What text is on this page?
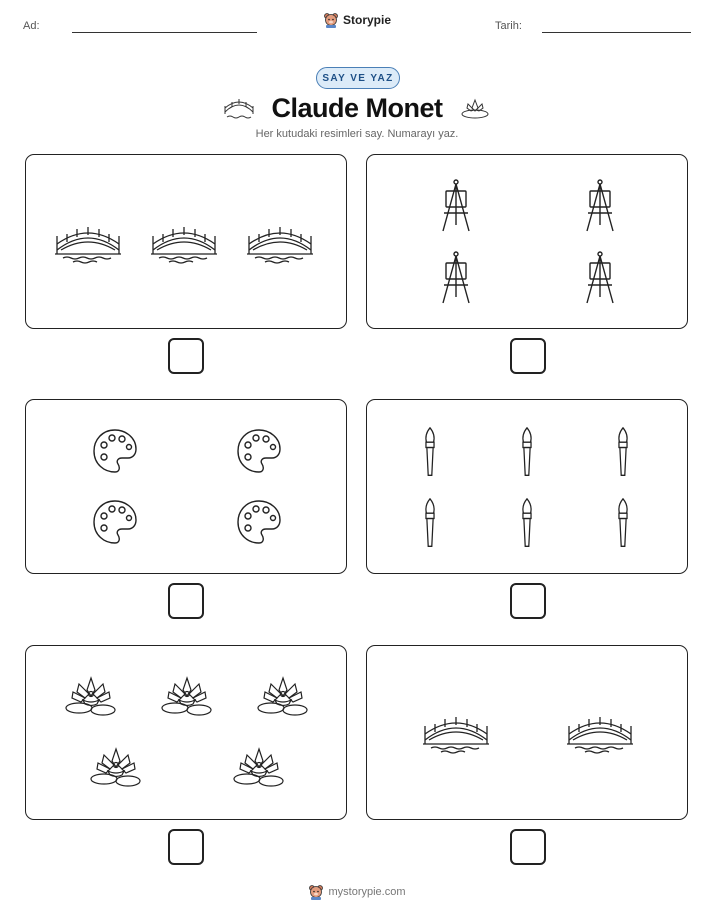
Ad:	Storypie	Tarih:
SAY VE YAZ
Claude Monet
Her kutudaki resimleri say. Numarayı yaz.
mystorypie.com
